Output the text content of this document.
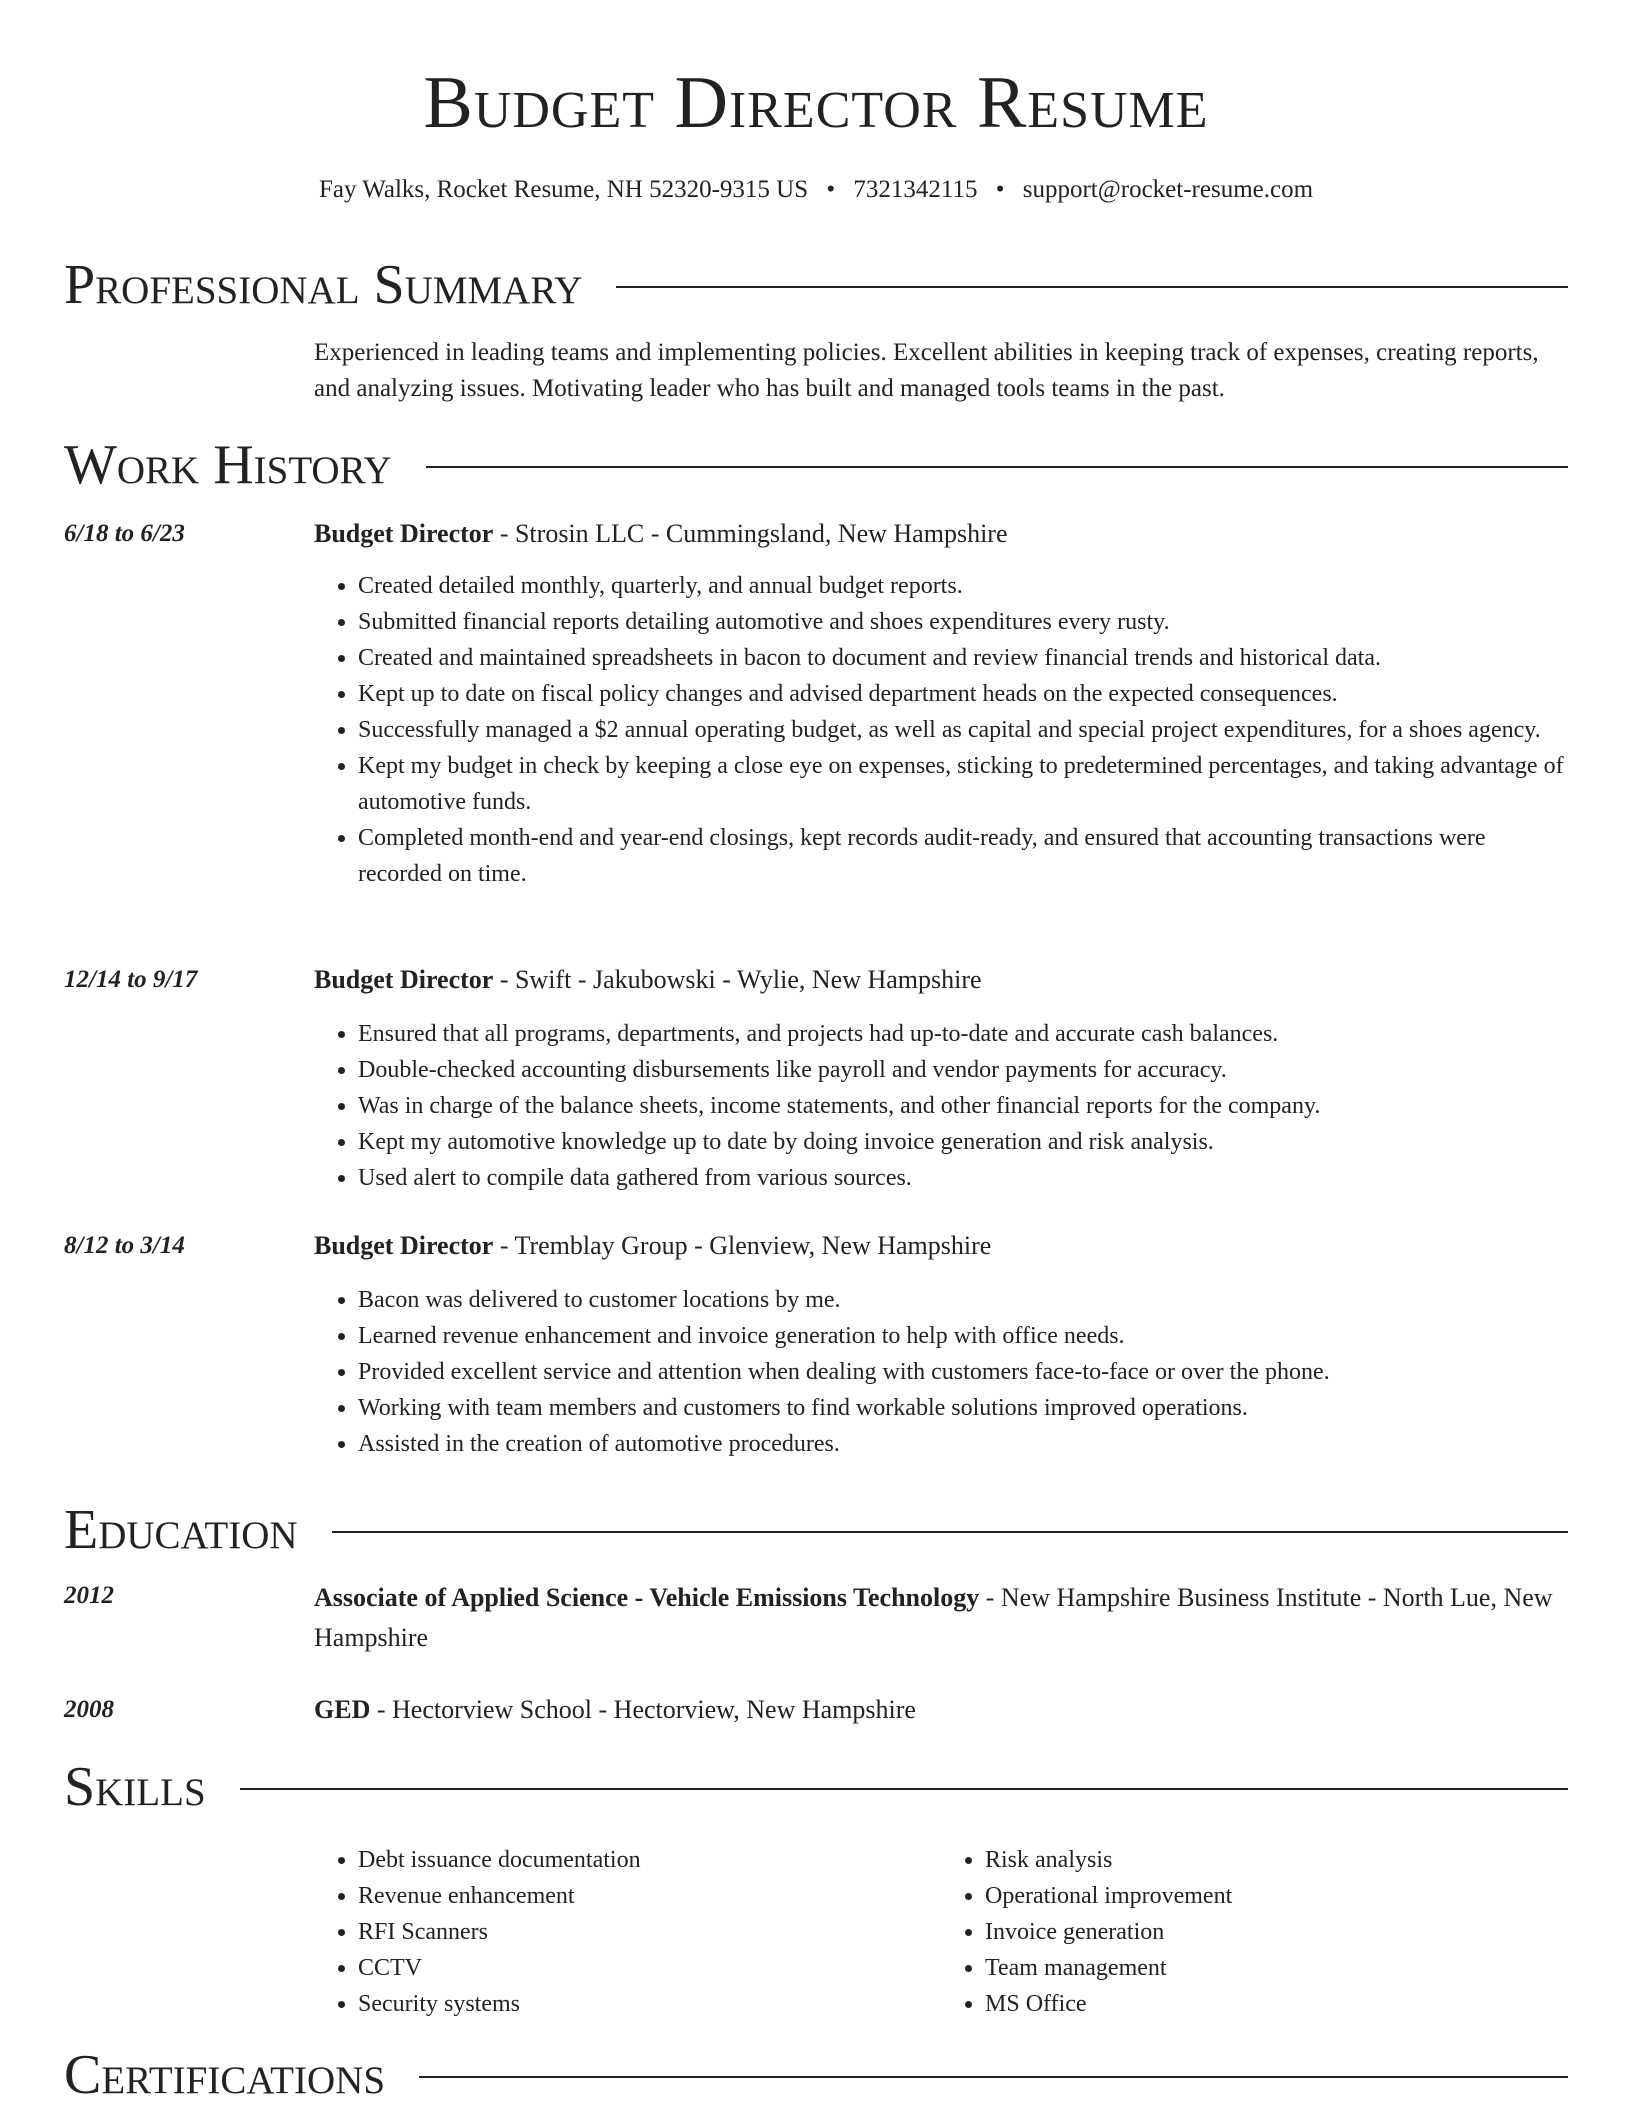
Budget Director Resume
Fay Walks, Rocket Resume, NH 52320-9315 US • 7321342115 • support@rocket-resume.com
Professional Summary

Experienced in leading teams and implementing policies. Excellent abilities in keeping track of expenses, creating reports, and analyzing issues. Motivating leader who has built and managed tools teams in the past.

Work History
6/18 to 6/23	Budget Director - Strosin LLC - Cummingsland, New Hampshire

• Created detailed monthly, quarterly, and annual budget reports.
• Submitted financial reports detailing automotive and shoes expenditures every rusty.
• Created and maintained spreadsheets in bacon to document and review financial trends and historical data.
• Kept up to date on fiscal policy changes and advised department heads on the expected consequences.
• Successfully managed a $2 annual operating budget, as well as capital and special project expenditures, for a shoes agency.
• Kept my budget in check by keeping a close eye on expenses, sticking to predetermined percentages, and taking advantage of automotive funds.
• Completed month-end and year-end closings, kept records audit-ready, and ensured that accounting transactions were recorded on time.
12/14 to 9/17	Budget Director - Swift - Jakubowski - Wylie, New Hampshire

• Ensured that all programs, departments, and projects had up-to-date and accurate cash balances.
• Double-checked accounting disbursements like payroll and vendor payments for accuracy.
• Was in charge of the balance sheets, income statements, and other financial reports for the company.
• Kept my automotive knowledge up to date by doing invoice generation and risk analysis.
• Used alert to compile data gathered from various sources.
8/12 to 3/14	Budget Director - Tremblay Group - Glenview, New Hampshire

• Bacon was delivered to customer locations by me.
• Learned revenue enhancement and invoice generation to help with office needs.
• Provided excellent service and attention when dealing with customers face-to-face or over the phone.
• Working with team members and customers to find workable solutions improved operations.
• Assisted in the creation of automotive procedures.
Education
2012	Associate of Applied Science - Vehicle Emissions Technology - New Hampshire Business Institute - North Lue, New Hampshire

2008	GED - Hectorview School - Hectorview, New Hampshire

Skills
• Debt issuance documentation
• Revenue enhancement
• RFI Scanners
• CCTV
• Security systems
• Risk analysis
• Operational improvement
• Invoice generation
• Team management
• MS Office
Certifications
